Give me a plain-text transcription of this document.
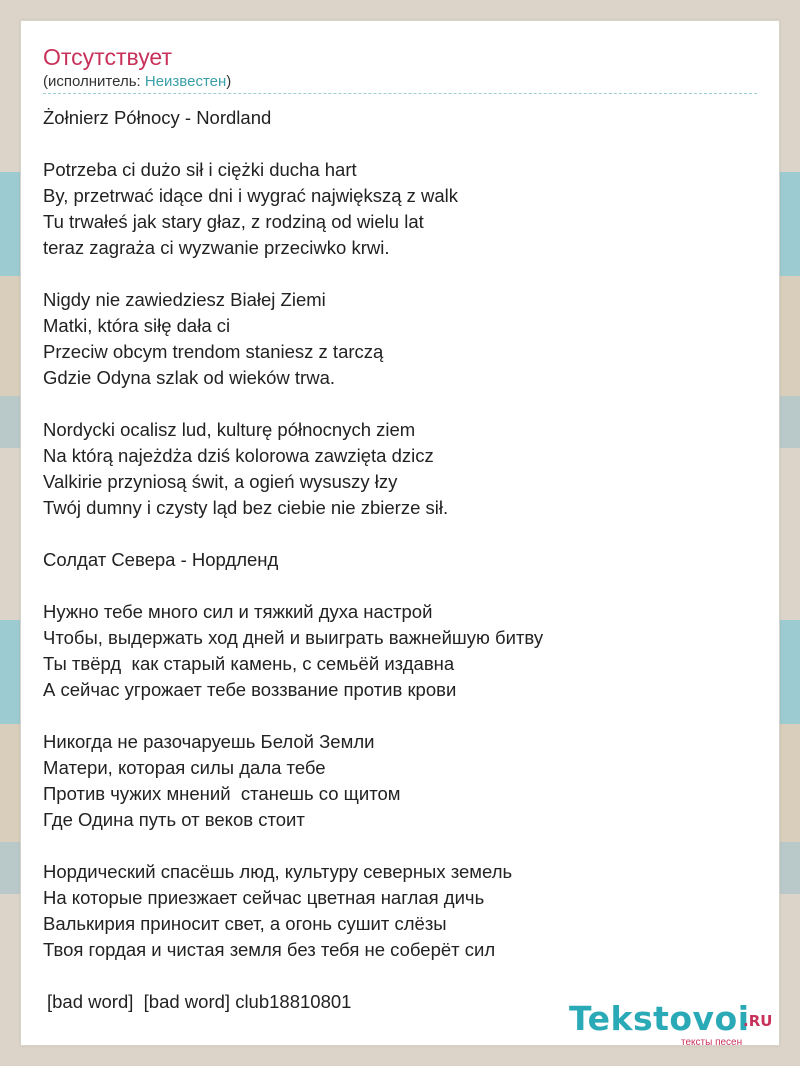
Отсутствует
(исполнитель: Неизвестен)
Żołnierz Północy - Nordland
Potrzeba ci dużo sił i ciężki ducha hart
By, przetrwać idące dni i wygrać największą z walk
Tu trwałeś jak stary głaz, z rodziną od wielu lat
teraz zagraża ci wyzwanie przeciwko krwi.
Nigdy nie zawiedziesz Białej Ziemi
Matki, która siłę dała ci
Przeciw obcym trendom staniesz z tarczą
Gdzie Odyna szlak od wieków trwa.
Nordycki ocalisz lud, kulturę północnych ziem
Na którą najeżdża dziś kolorowa zawzięta dzicz
Valkirie przyniosą świt, a ogień wysuszy łzy
Twój dumny i czysty ląd bez ciebie nie zbierze sił.
Солдат Севера - Нордленд
Нужно тебе много сил и тяжкий духа настрой
Чтобы, выдержать ход дней и выиграть важнейшую битву
Ты твёрд  как старый камень, с семьёй издавна
А сейчас угрожает тебе воззвание против крови
Никогда не разочаруешь Белой Земли
Матери, которая силы дала тебе
Против чужих мнений  станешь со щитом
Где Одина путь от веков стоит
Нордический спасёшь люд, культуру северных земель
На которые приезжает сейчас цветная наглая дичь
Валькирия приносит свет, а огонь сушит слёзы
Твоя гордая и чистая земля без тебя не соберёт сил
[bad word]  [bad word] club18810801	Tekstovoi
.RU
тексты песен
